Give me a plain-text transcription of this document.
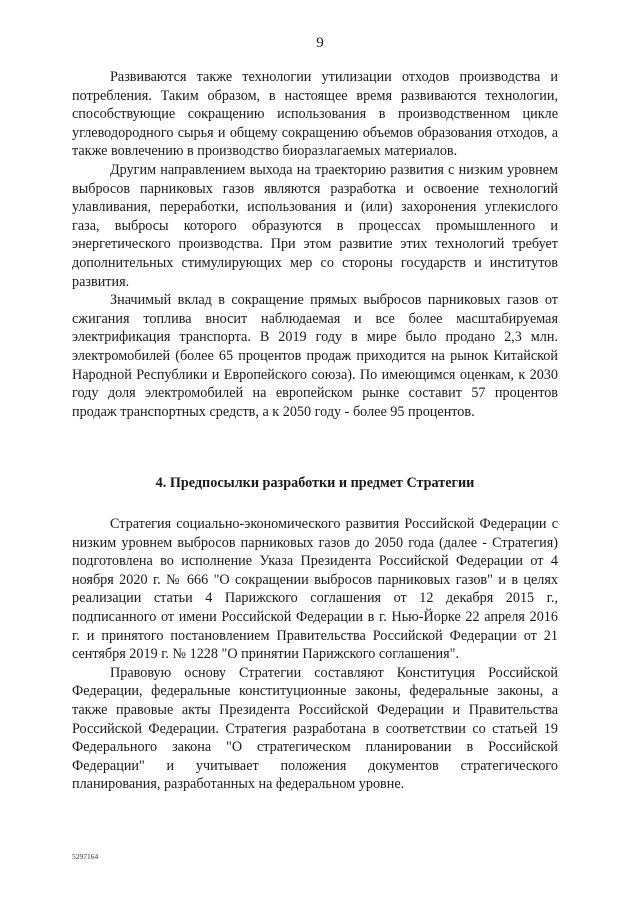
9

Развиваются также технологии утилизации отходов производства и потребления. Таким образом, в настоящее время развиваются технологии, способствующие сокращению использования в производственном цикле углеводородного сырья и общему сокращению объемов образования отходов, а также вовлечению в производство биоразлагаемых материалов.

Другим направлением выхода на траекторию развития с низким уровнем выбросов парниковых газов являются разработка и освоение технологий улавливания, переработки, использования и (или) захоронения углекислого газа, выбросы которого образуются в процессах промышленного и энергетического производства. При этом развитие этих технологий требует дополнительных стимулирующих мер со стороны государств и институтов развития.

Значимый вклад в сокращение прямых выбросов парниковых газов от сжигания топлива вносит наблюдаемая и все более масштабируемая электрификация транспорта. В 2019 году в мире было продано 2,3 млн. электромобилей (более 65 процентов продаж приходится на рынок Китайской Народной Республики и Европейского союза). По имеющимся оценкам, к 2030 году доля электромобилей на европейском рынке составит 57 процентов продаж транспортных средств, а к 2050 году - более 95 процентов.

4. Предпосылки разработки и предмет Стратегии

Стратегия социально-экономического развития Российской Федерации с низким уровнем выбросов парниковых газов до 2050 года (далее - Стратегия) подготовлена во исполнение Указа Президента Российской Федерации от 4 ноября 2020 г. № 666 "О сокращении выбросов парниковых газов" и в целях реализации статьи 4 Парижского соглашения от 12 декабря 2015 г., подписанного от имени Российской Федерации в г. Нью-Йорке 22 апреля 2016 г. и принятого постановлением Правительства Российской Федерации от 21 сентября 2019 г. № 1228 "О принятии Парижского соглашения".

Правовую основу Стратегии составляют Конституция Российской Федерации, федеральные конституционные законы, федеральные законы, а также правовые акты Президента Российской Федерации и Правительства Российской Федерации. Стратегия разработана в соответствии со статьей 19 Федерального закона "О стратегическом планировании в Российской Федерации" и учитывает положения документов стратегического планирования, разработанных на федеральном уровне.

5297164
